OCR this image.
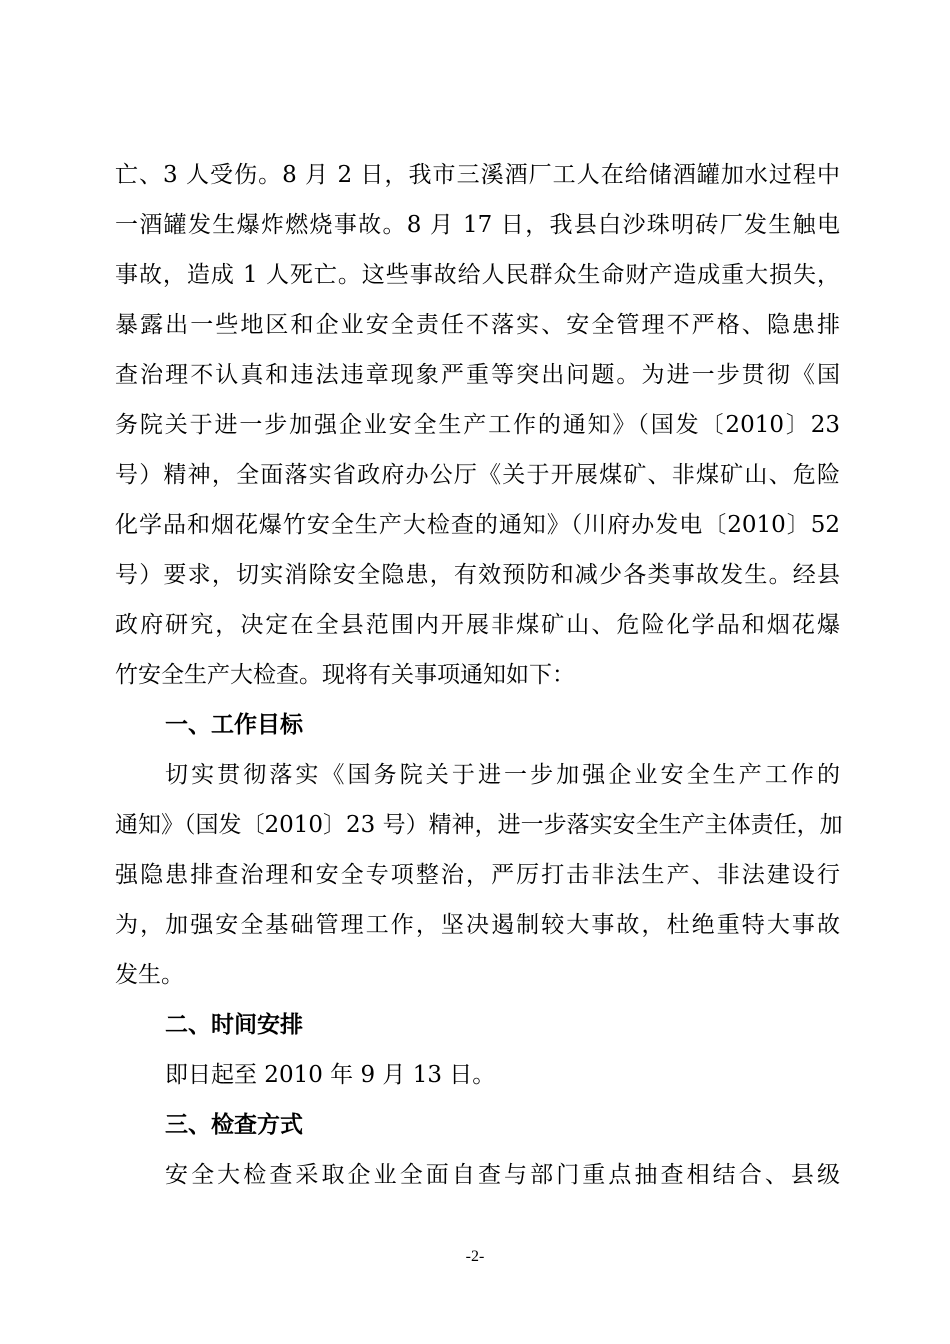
亡、3 人受伤。8 月 2 日，我市三溪酒厂工人在给储酒罐加水过程中
一酒罐发生爆炸燃烧事故。8 月 17 日，我县白沙珠明砖厂发生触电
事故，造成 1 人死亡。这些事故给人民群众生命财产造成重大损失，
暴露出一些地区和企业安全责任不落实、安全管理不严格、隐患排
查治理不认真和违法违章现象严重等突出问题。为进一步贯彻《国
务院关于进一步加强企业安全生产工作的通知》（国发〔2010〕23
号）精神，全面落实省政府办公厅《关于开展煤矿、非煤矿山、危险
化学品和烟花爆竹安全生产大检查的通知》（川府办发电〔2010〕52
号）要求，切实消除安全隐患，有效预防和减少各类事故发生。经县
政府研究，决定在全县范围内开展非煤矿山、危险化学品和烟花爆
竹安全生产大检查。现将有关事项通知如下：
一、工作目标
切实贯彻落实《国务院关于进一步加强企业安全生产工作的
通知》（国发〔2010〕23 号）精神，进一步落实安全生产主体责任，加
强隐患排查治理和安全专项整治，严厉打击非法生产、非法建设行
为，加强安全基础管理工作，坚决遏制较大事故，杜绝重特大事故
发生。
二、时间安排
即日起至 2010 年 9 月 13 日。
三、检查方式
安全大检查采取企业全面自查与部门重点抽查相结合、县级
-2-
